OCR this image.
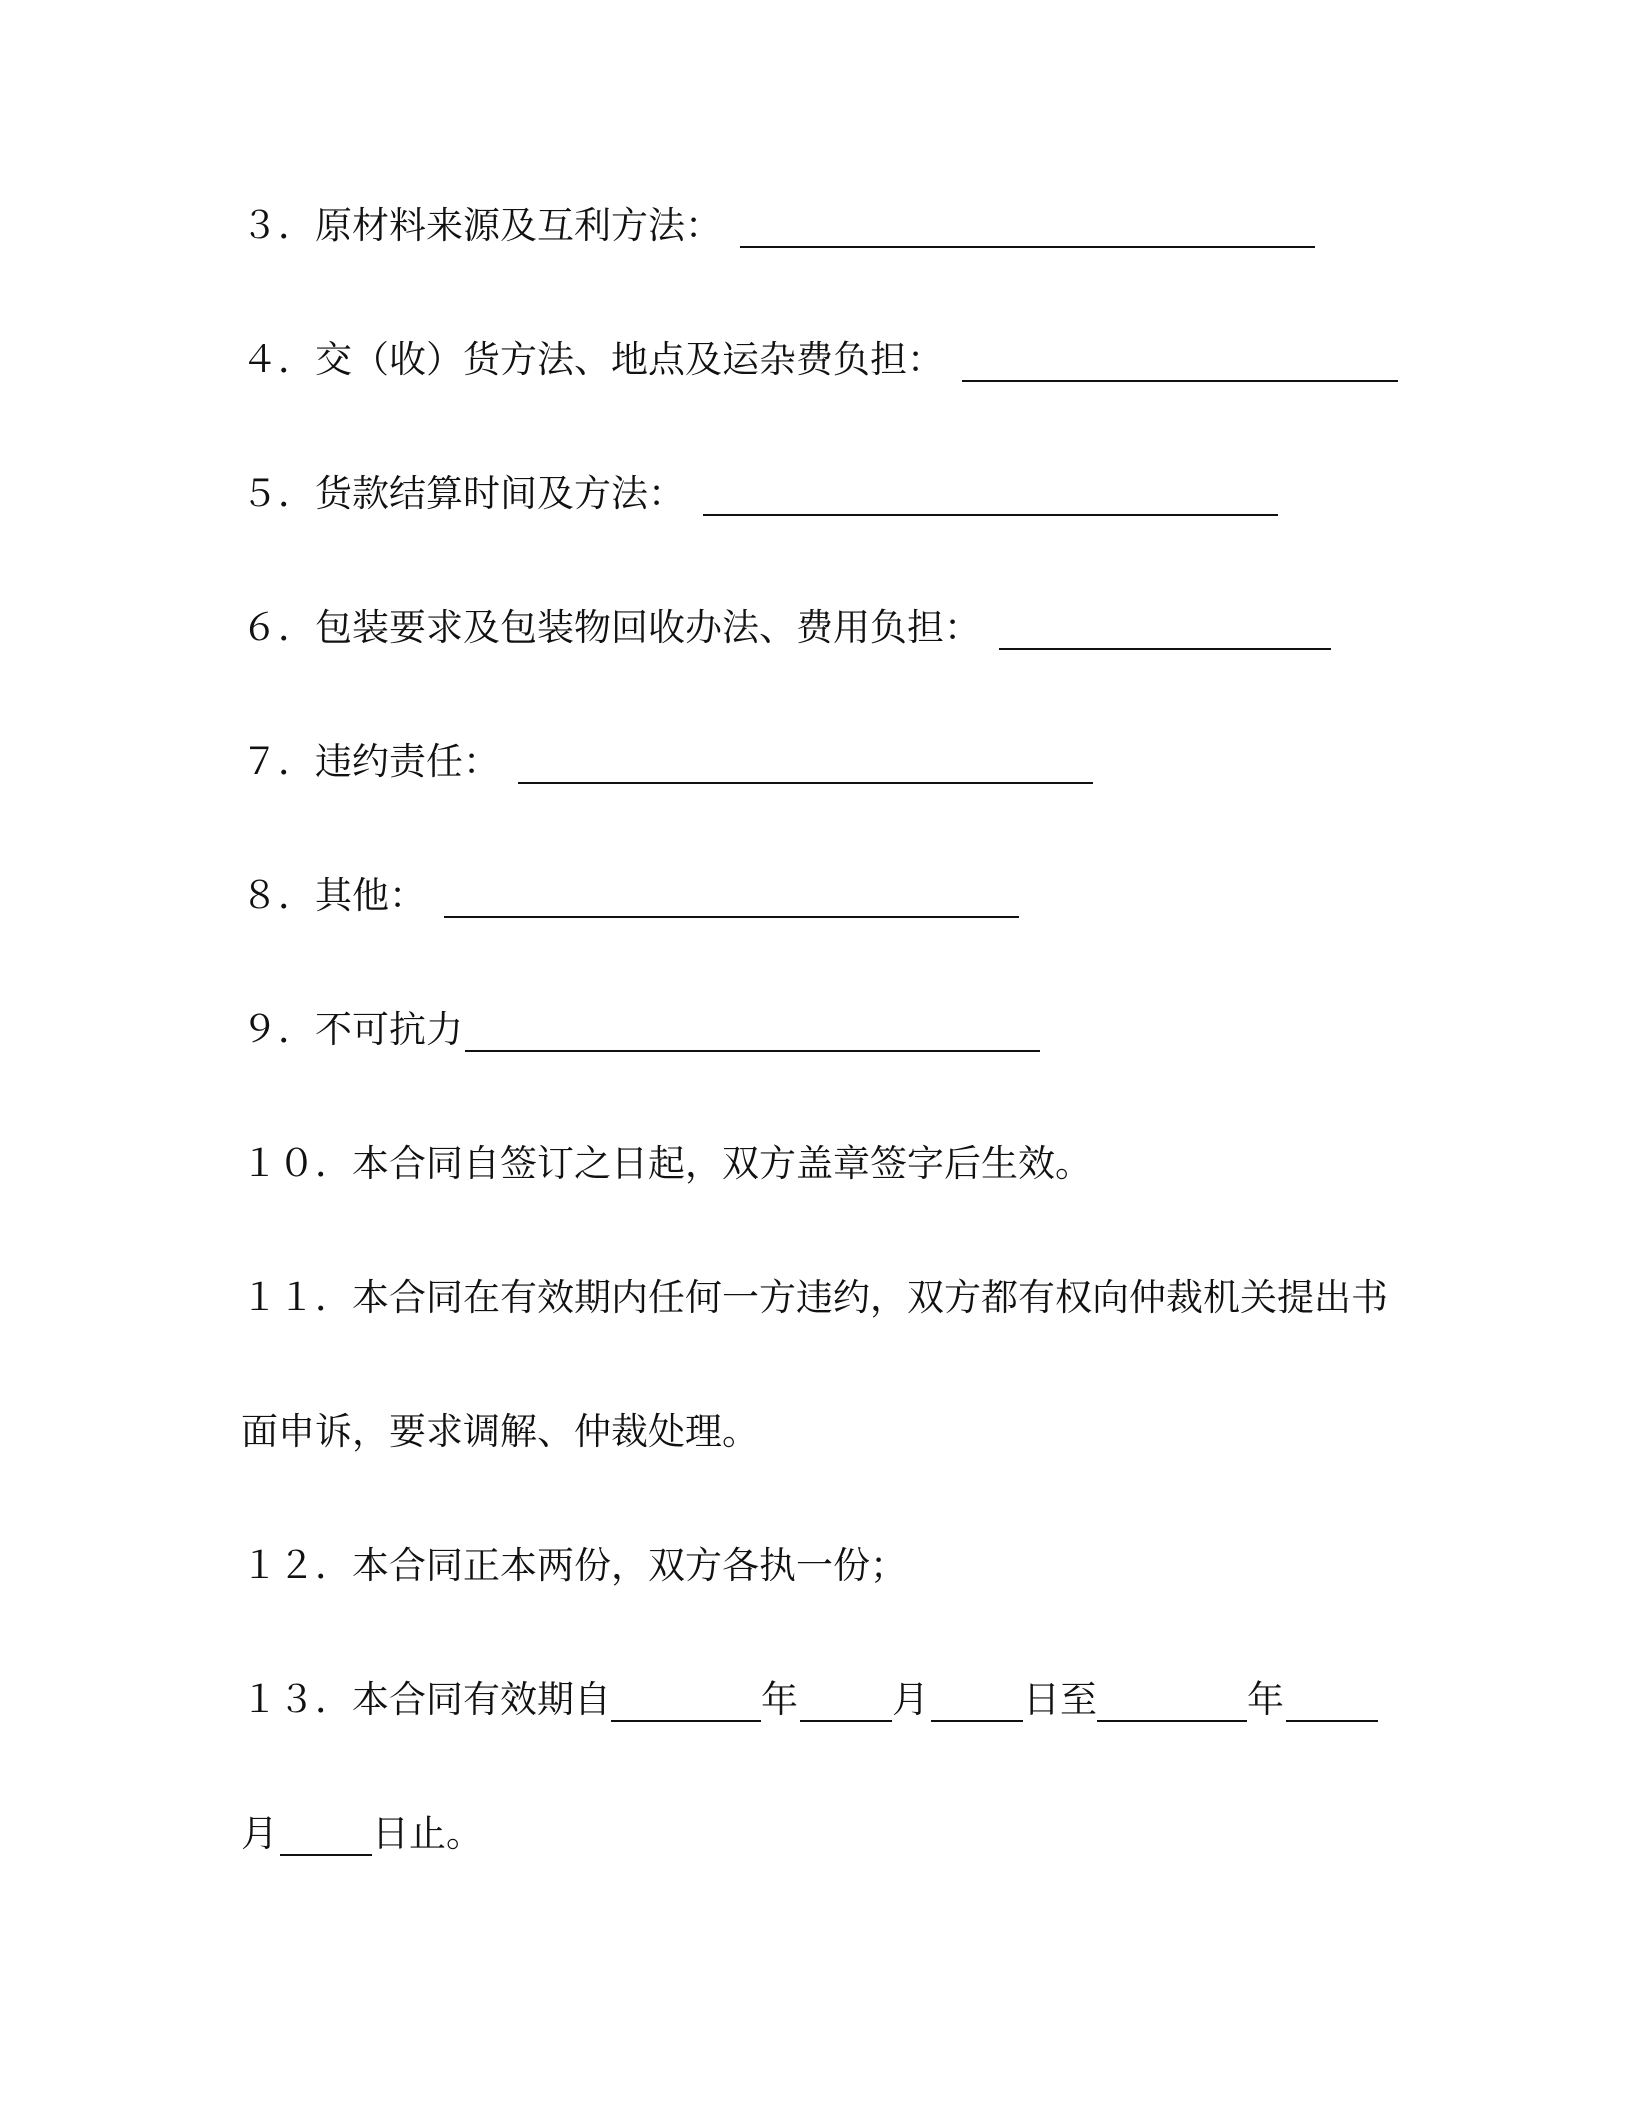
３． 原材料来源及互利方法：
４． 交（收）货方法、地点及运杂费负担：
５． 货款结算时间及方法：
６． 包装要求及包装物回收办法、费用负担：
７． 违约责任：
８． 其他：
９． 不可抗力
１０． 本合同自签订之日起，双方盖章签字后生效。
１１． 本合同在有效期内任何一方违约，双方都有权向仲裁机关提出书
面申诉，要求调解、仲裁处理。
１２． 本合同正本两份，双方各执一份；
１３． 本合同有效期自	年	月	日至	年
月	日止。
